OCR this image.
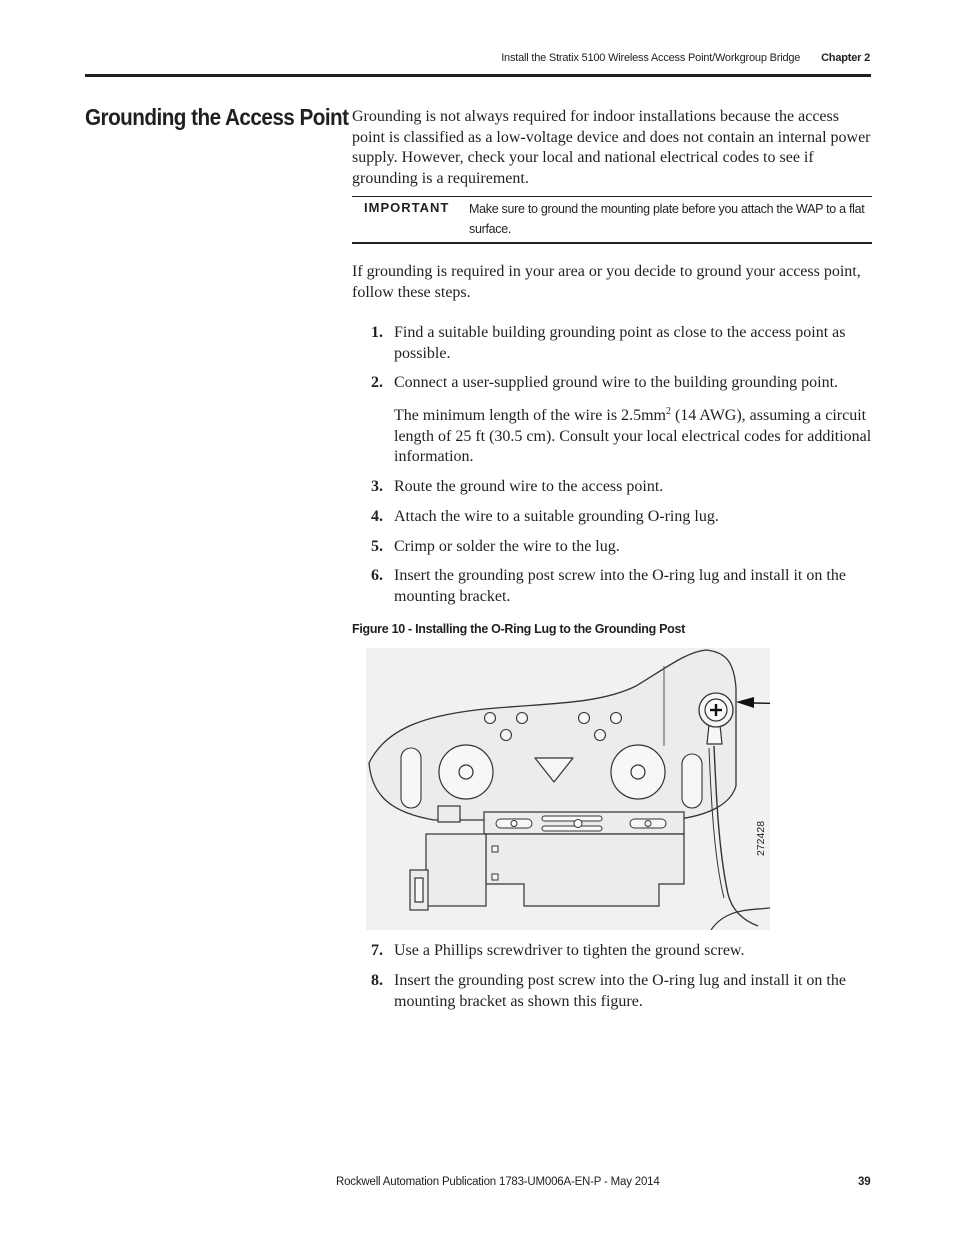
Install the Stratix 5100 Wireless Access Point/Workgroup Bridge Chapter 2
Grounding the Access Point Grounding is not always required for indoor installations because the access point is classified as a low-voltage device and does not contain an internal power supply. However, check your local and national electrical codes to see if grounding is a requirement.

IMPORTANT Make sure to ground the mounting plate before you attach the WAP to a flat surface.

If grounding is required in your area or you decide to ground your access point, follow these steps.

1. Find a suitable building grounding point as close to the access point as possible.
2. Connect a user-supplied ground wire to the building grounding point.
3. Route the ground wire to the access point.
4. Attach the wire to a suitable grounding O-ring lug.
5. Crimp or solder the wire to the lug.
6. Insert the grounding post screw into the O-ring lug and install it on the mounting bracket.
7. Use a Phillips screwdriver to tighten the ground screw.
8. Insert the grounding post screw into the O-ring lug and install it on the mounting bracket as shown this figure.

The minimum length of the wire is $2.5mm^2$ (14 AWG), assuming a circuit length of 25 ft (30.5 cm). Consult your local electrical codes for additional information.

Figure 10 - Installing the O-Ring Lug to the Grounding Post
272428
Rockwell Automation Publication 1783-UM006A-EN-P - May 2014	39
